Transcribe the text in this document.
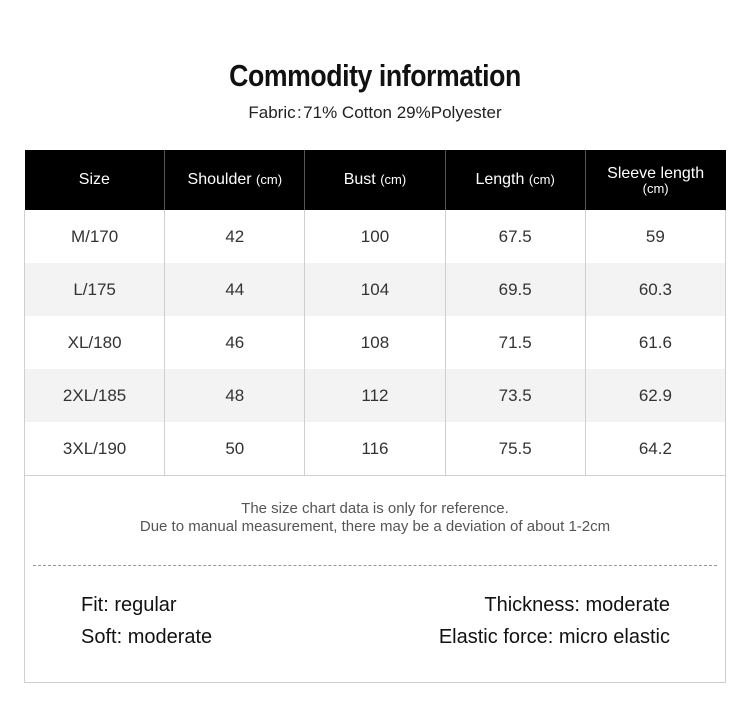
Commodity information
Fabric : 71% Cotton 29%Polyester
Size	Shoulder (cm)	Bust (cm)	Length (cm)	Sleeve length
(cm)

M/170	42	100	67.5	59
L/175	44	104	69.5	60.3
XL/180	46	108	71.5	61.6
2XL/185	48	112	73.5	62.9
3XL/190	50	116	75.5	64.2
The size chart data is only for reference.
Due to manual measurement, there may be a deviation of about 1-2cm
Fit: regular
Soft: moderate
Thickness: moderate
Elastic force: micro elastic
